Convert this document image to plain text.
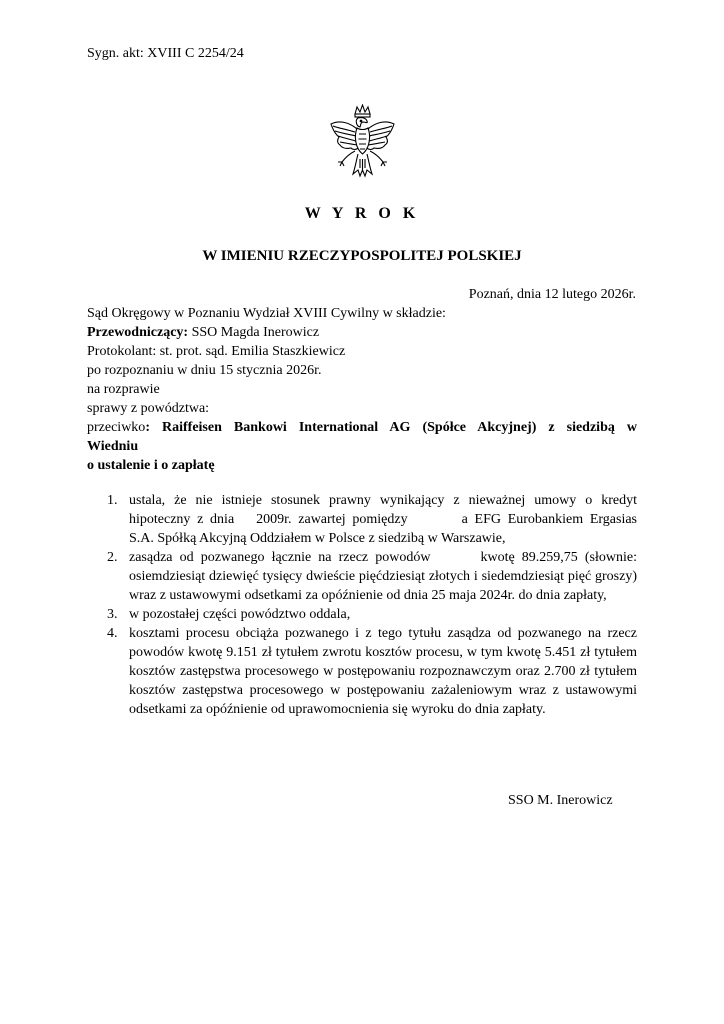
Sygn. akt: XVIII C 2254/24
W Y R O K
W IMIENIU RZECZYPOSPOLITEJ POLSKIEJ
Poznań, dnia 12 lutego 2026r.
Sąd Okręgowy w Poznaniu Wydział XVIII Cywilny w składzie:
Przewodniczący: SSO Magda Inerowicz
Protokolant: st. prot. sąd. Emilia Staszkiewicz
po rozpoznaniu w dniu 15 stycznia 2026r.
na rozprawie
sprawy z powództwa:
przeciwko: Raiffeisen Bankowi International AG (Spółce Akcyjnej) z siedzibą w
Wiedniu
o ustalenie i o zapłatę
1. ustala, że nie istnieje stosunek prawny wynikający z nieważnej umowy o kredyt
hipoteczny z dnia 2009r. zawartej pomiędzy	a EFG Eurobankiem Ergasias
S.A. Spółką Akcyjną Oddziałem w Polsce z siedzibą w Warszawie,
2. zasądza od pozwanego łącznie na rzecz powodów	kwotę 89.259,75 (słownie:
osiemdziesiąt dziewięć tysięcy dwieście pięćdziesiąt złotych i siedemdziesiąt pięć groszy) wraz z ustawowymi odsetkami za opóźnienie od dnia 25 maja 2024r. do dnia zapłaty,
3. w pozostałej części powództwo oddala,
4. kosztami procesu obciąża pozwanego i z tego tytułu zasądza od pozwanego na rzecz powodów kwotę 9.151 zł tytułem zwrotu kosztów procesu, w tym kwotę 5.451 zł tytułem kosztów zastępstwa procesowego w postępowaniu rozpoznawczym oraz 2.700 zł tytułem kosztów zastępstwa procesowego w postępowaniu zażaleniowym wraz z ustawowymi odsetkami za opóźnienie od uprawomocnienia się wyroku do dnia zapłaty.
SSO M. Inerowicz
